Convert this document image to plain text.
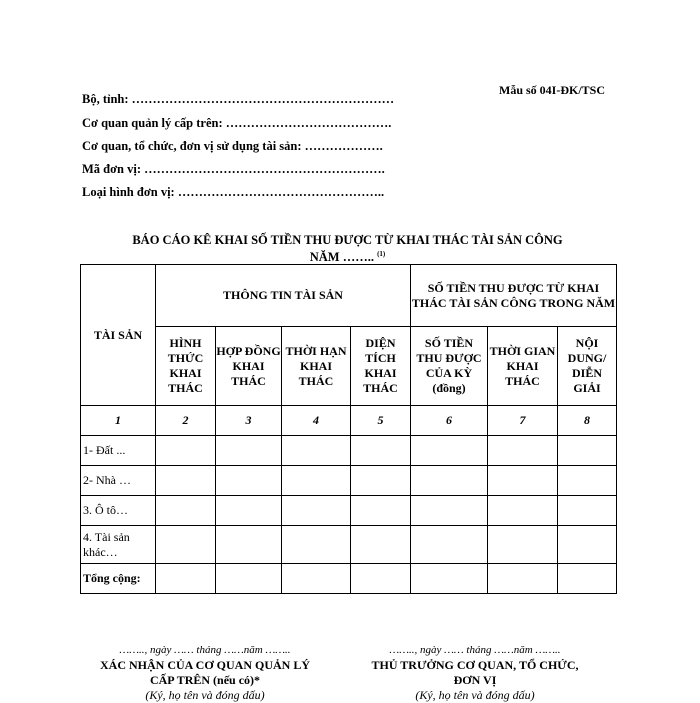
Mẫu số 04I-ĐK/TSC
Bộ, tỉnh: ………………………………………………………
Cơ quan quản lý cấp trên: ………………………………….
Cơ quan, tổ chức, đơn vị sử dụng tài sản: ……………….
Mã đơn vị: ………………………………………………….
Loại hình đơn vị: …………………………………………..
BÁO CÁO KÊ KHAI SỐ TIỀN THU ĐƯỢC TỪ KHAI THÁC TÀI SẢN CÔNG
NĂM …….. $^{(1)}$
TÀI SẢN	THÔNG TIN TÀI SẢN				SỐ TIỀN THU ĐƯỢC TỪ KHAI THÁC TÀI SẢN CÔNG TRONG NĂM		
	HÌNH THỨC KHAI THÁC	HỢP ĐỒNG KHAI THÁC	THỜI HẠN KHAI THÁC	DIỆN TÍCH KHAI THÁC	SỐ TIỀN THU ĐƯỢC CỦA KỲ (đồng)	THỜI GIAN KHAI THÁC	NỘI DUNG/ DIỄN GIẢI
1	2	3	4	5	6	7	8
1- Đất ...							
2- Nhà …							
3. Ô tô…							
4. Tài sản khác…							
Tổng cộng:							
…….., ngày …… tháng ……năm ……..
XÁC NHẬN CỦA CƠ QUAN QUẢN LÝ
CẤP TRÊN (nếu có)*
(Ký, họ tên và đóng dấu)
…….., ngày …… tháng ……năm ……..
THỦ TRƯỞNG CƠ QUAN, TỔ CHỨC,
ĐƠN VỊ
(Ký, họ tên và đóng dấu)
